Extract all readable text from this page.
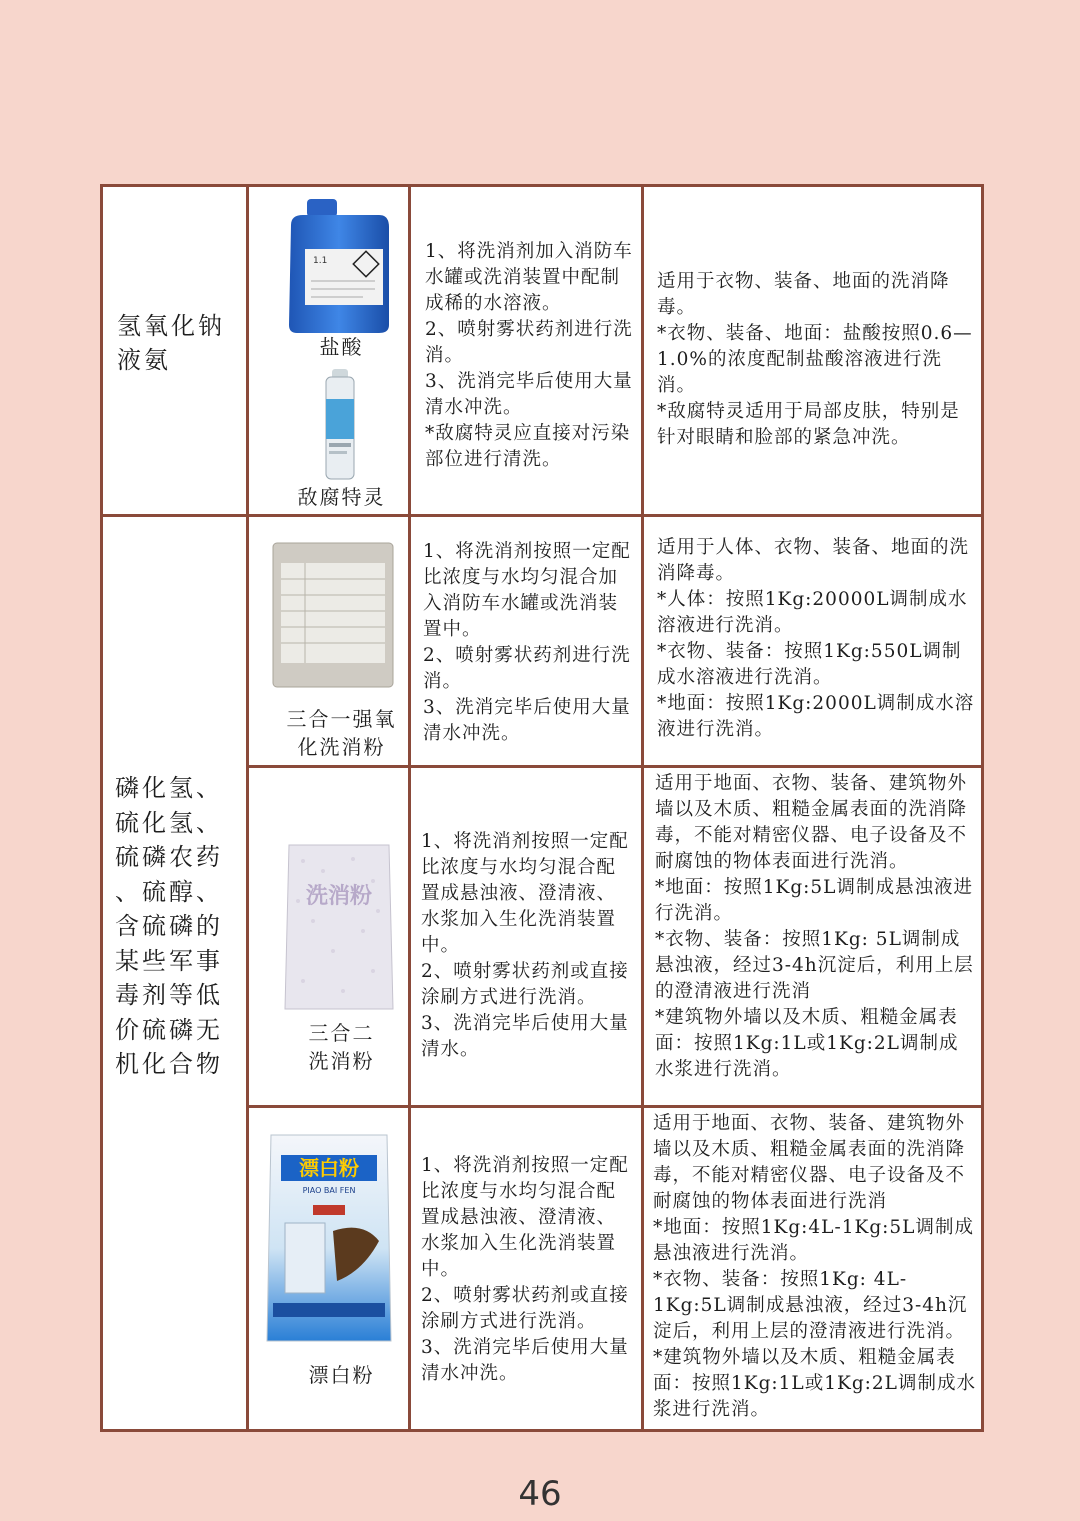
氢氧化钠
液氨
1.1
盐酸
敌腐特灵
1、将洗消剂加入消防车水罐或洗消装置中配制成稀的水溶液。
2、喷射雾状药剂进行洗消。
3、洗消完毕后使用大量清水冲洗。
*敌腐特灵应直接对污染部位进行清洗。
适用于衣物、装备、地面的洗消降毒。
*衣物、装备、地面：盐酸按照0.6—1.0%的浓度配制盐酸溶液进行洗消。
*敌腐特灵适用于局部皮肤，特别是针对眼睛和脸部的紧急冲洗。
磷化氢、
硫化氢、
硫磷农药
、硫醇、
含硫磷的
某些军事
毒剂等低
价硫磷无
机化合物
三合一强氧
化洗消粉
1、将洗消剂按照一定配比浓度与水均匀混合加入消防车水罐或洗消装置中。
2、喷射雾状药剂进行洗消。
3、洗消完毕后使用大量清水冲洗。
适用于人体、衣物、装备、地面的洗消降毒。
*人体：按照1Kg:20000L调制成水溶液进行洗消。
*衣物、装备：按照1Kg:550L调制成水溶液进行洗消。
*地面：按照1Kg:2000L调制成水溶液进行洗消。
洗消粉
三合二
洗消粉
1、将洗消剂按照一定配比浓度与水均匀混合配置成悬浊液、澄清液、水浆加入生化洗消装置中。
2、喷射雾状药剂或直接涂刷方式进行洗消。
3、洗消完毕后使用大量清水。
适用于地面、衣物、装备、建筑物外墙以及木质、粗糙金属表面的洗消降毒，不能对精密仪器、电子设备及不耐腐蚀的物体表面进行洗消。
*地面：按照1Kg:5L调制成悬浊液进行洗消。
*衣物、装备：按照1Kg: 5L调制成悬浊液，经过3-4h沉淀后，利用上层的澄清液进行洗消
*建筑物外墙以及木质、粗糙金属表面：按照1Kg:1L或1Kg:2L调制成水浆进行洗消。
漂白粉
PIAO BAI FEN
漂白粉
1、将洗消剂按照一定配比浓度与水均匀混合配置成悬浊液、澄清液、水浆加入生化洗消装置中。
2、喷射雾状药剂或直接涂刷方式进行洗消。
3、洗消完毕后使用大量清水冲洗。
适用于地面、衣物、装备、建筑物外墙以及木质、粗糙金属表面的洗消降毒，不能对精密仪器、电子设备及不耐腐蚀的物体表面进行洗消
*地面：按照1Kg:4L-1Kg:5L调制成悬浊液进行洗消。
*衣物、装备：按照1Kg: 4L-1Kg:5L调制成悬浊液，经过3-4h沉淀后，利用上层的澄清液进行洗消。
*建筑物外墙以及木质、粗糙金属表面：按照1Kg:1L或1Kg:2L调制成水浆进行洗消。
46
